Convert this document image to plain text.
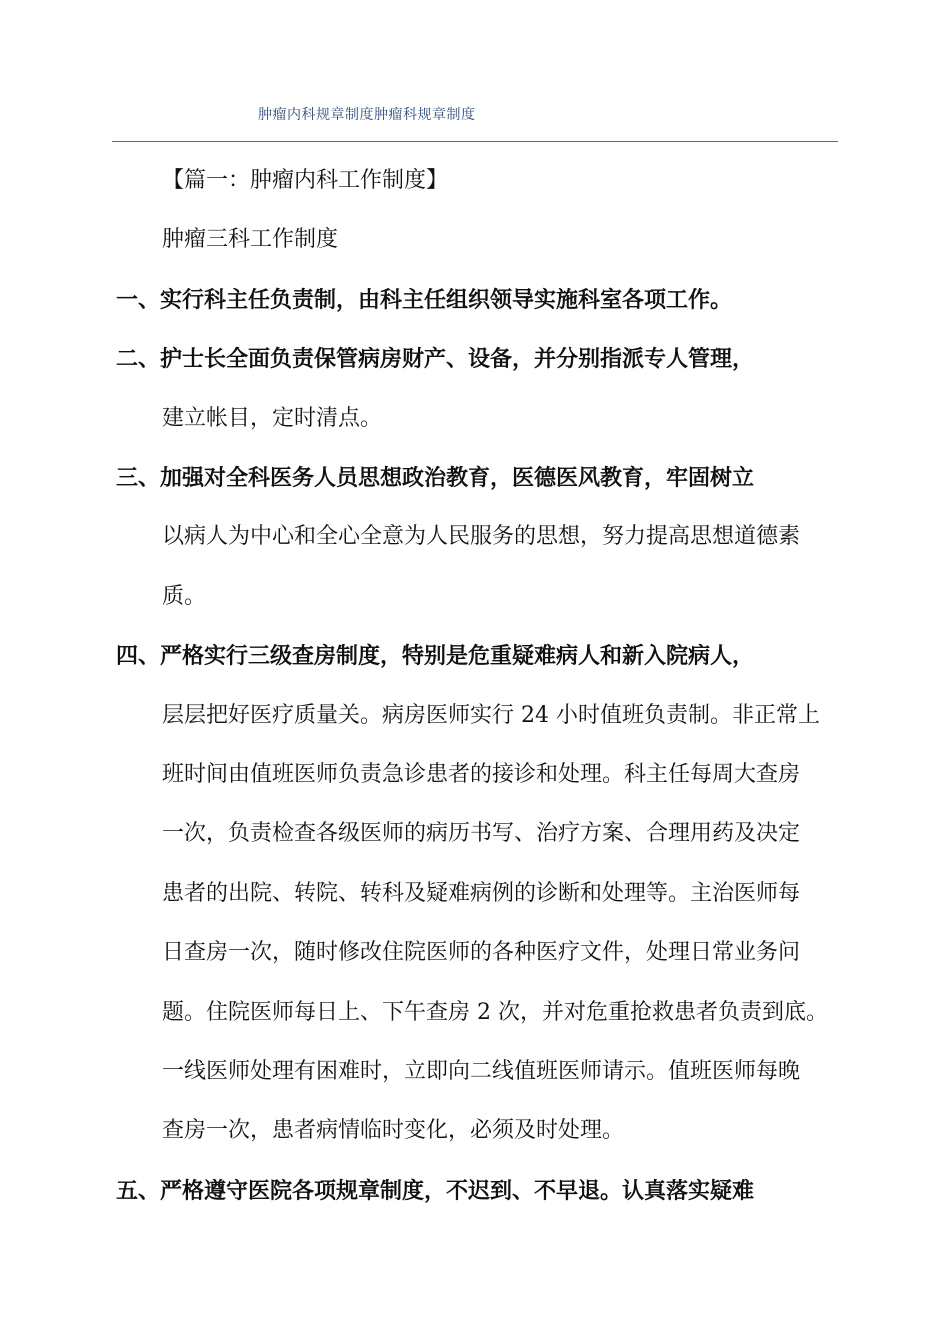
肿瘤内科规章制度肿瘤科规章制度
【篇一：肿瘤内科工作制度】
肿瘤三科工作制度
一、实行科主任负责制，由科主任组织领导实施科室各项工作。
二、护士长全面负责保管病房财产、设备，并分别指派专人管理，
建立帐目，定时清点。
三、加强对全科医务人员思想政治教育，医德医风教育，牢固树立
以病人为中心和全心全意为人民服务的思想，努力提高思想道德素
质。
四、严格实行三级查房制度，特别是危重疑难病人和新入院病人，
层层把好医疗质量关。病房医师实行 24 小时值班负责制。非正常上
班时间由值班医师负责急诊患者的接诊和处理。科主任每周大查房
一次，负责检查各级医师的病历书写、治疗方案、合理用药及决定
患者的出院、转院、转科及疑难病例的诊断和处理等。主治医师每
日查房一次，随时修改住院医师的各种医疗文件，处理日常业务问
题。住院医师每日上、下午查房 2 次，并对危重抢救患者负责到底。
一线医师处理有困难时，立即向二线值班医师请示。值班医师每晚
查房一次，患者病情临时变化，必须及时处理。
五、严格遵守医院各项规章制度，不迟到、不早退。认真落实疑难
